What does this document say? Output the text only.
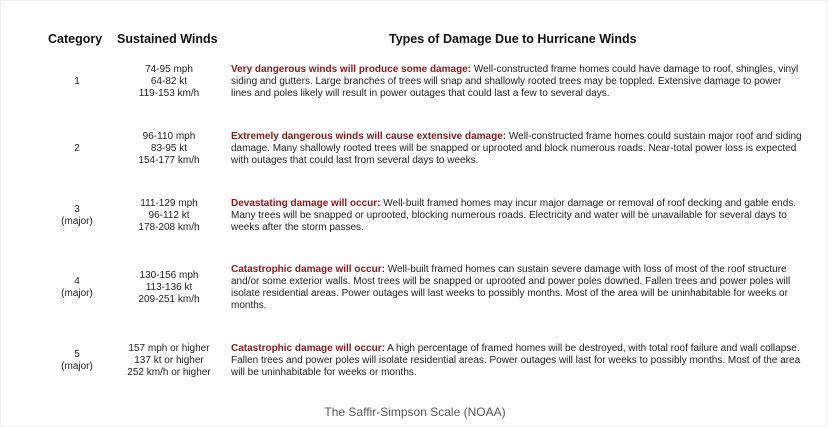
Category Sustained Winds	Types of Damage Due to Hurricane Winds
1
74-95 mph
64-82 kt
119-153 km/h
Very dangerous winds will produce some damage: Well-constructed frame homes could have damage to roof, shingles, vinyl siding and gutters. Large branches of trees will snap and shallowly rooted trees may be toppled. Extensive damage to power lines and poles likely will result in power outages that could last a few to several days.
2
96-110 mph
83-95 kt
154-177 km/h
Extremely dangerous winds will cause extensive damage: Well-constructed frame homes could sustain major roof and siding damage. Many shallowly rooted trees will be snapped or uprooted and block numerous roads. Near-total power loss is expected with outages that could last from several days to weeks.
3
(major)
111-129 mph
96-112 kt
178-208 km/h
Devastating damage will occur: Well-built framed homes may incur major damage or removal of roof decking and gable ends. Many trees will be snapped or uprooted, blocking numerous roads. Electricity and water will be unavailable for several days to weeks after the storm passes.
4
(major)
130-156 mph
113-136 kt
209-251 km/h
Catastrophic damage will occur: Well-built framed homes can sustain severe damage with loss of most of the roof structure and/or some exterior walls. Most trees will be snapped or uprooted and power poles downed. Fallen trees and power poles will isolate residential areas. Power outages will last weeks to possibly months. Most of the area will be uninhabitable for weeks or months.
5
(major)
157 mph or higher
137 kt or higher
252 km/h or higher
Catastrophic damage will occur: A high percentage of framed homes will be destroyed, with total roof failure and wall collapse. Fallen trees and power poles will isolate residential areas. Power outages will last for weeks to possibly months. Most of the area will be uninhabitable for weeks or months.
The Saffir-Simpson Scale (NOAA)
